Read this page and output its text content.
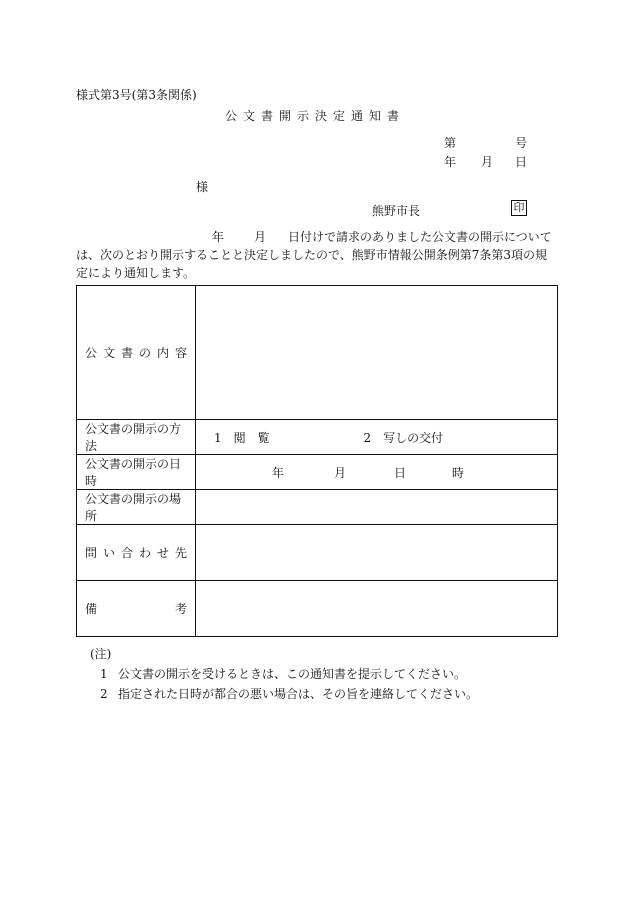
様式第3号(第3条関係)
公文書開示決定通知書
第	号
年 月 日
様
熊野市長	印
年	月 日付けで請求のありました公文書の開示については、次のとおり開示することと決定しましたので、熊野市情報公開条例第7条第3項の規定により通知します。
公文書の内容	
公文書の開示の方法	1 閲　覧 2 写しの交付
公文書の開示の日時	年 月 日 時

公文書の開示の場所	
問い合わせ先	
備考	
(注)
1 公文書の開示を受けるときは、この通知書を提示してください。
2 指定された日時が都合の悪い場合は、その旨を連絡してください。
